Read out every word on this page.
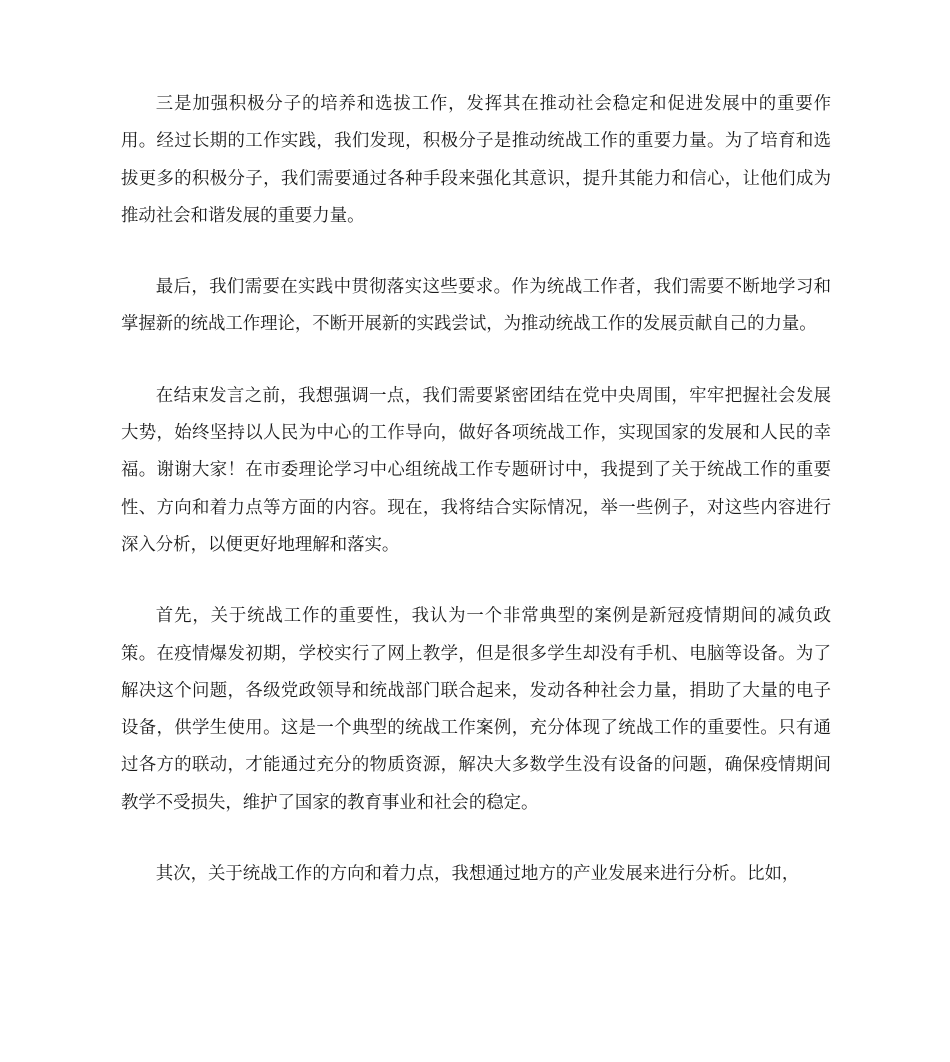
三是加强积极分子的培养和选拔工作，发挥其在推动社会稳定和促进发展中的重要作用。经过长期的工作实践，我们发现，积极分子是推动统战工作的重要力量。为了培育和选拔更多的积极分子，我们需要通过各种手段来强化其意识，提升其能力和信心，让他们成为推动社会和谐发展的重要力量。

最后，我们需要在实践中贯彻落实这些要求。作为统战工作者，我们需要不断地学习和掌握新的统战工作理论，不断开展新的实践尝试，为推动统战工作的发展贡献自己的力量。

在结束发言之前，我想强调一点，我们需要紧密团结在党中央周围，牢牢把握社会发展大势，始终坚持以人民为中心的工作导向，做好各项统战工作，实现国家的发展和人民的幸福。谢谢大家！在市委理论学习中心组统战工作专题研讨中，我提到了关于统战工作的重要性、方向和着力点等方面的内容。现在，我将结合实际情况，举一些例子，对这些内容进行深入分析，以便更好地理解和落实。

首先，关于统战工作的重要性，我认为一个非常典型的案例是新冠疫情期间的减负政策。在疫情爆发初期，学校实行了网上教学，但是很多学生却没有手机、电脑等设备。为了解决这个问题，各级党政领导和统战部门联合起来，发动各种社会力量，捐助了大量的电子设备，供学生使用。这是一个典型的统战工作案例，充分体现了统战工作的重要性。只有通过各方的联动，才能通过充分的物质资源，解决大多数学生没有设备的问题，确保疫情期间教学不受损失，维护了国家的教育事业和社会的稳定。

其次，关于统战工作的方向和着力点，我想通过地方的产业发展来进行分析。比如，
